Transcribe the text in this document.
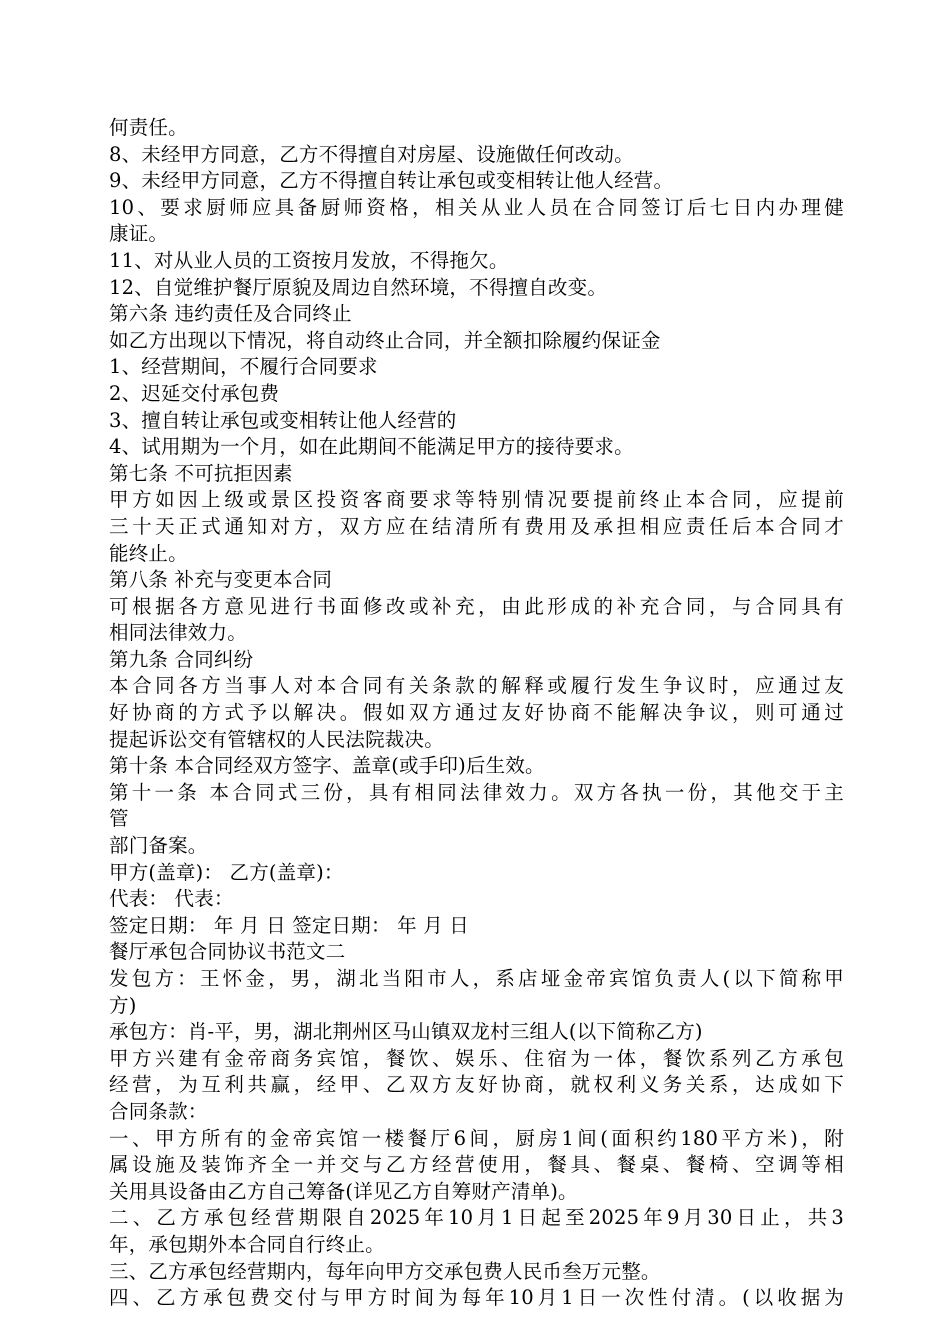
何责任。
8、未经甲方同意，乙方不得擅自对房屋、设施做任何改动。
9、未经甲方同意，乙方不得擅自转让承包或变相转让他人经营。
10、要求厨师应具备厨师资格，相关从业人员在合同签订后七日内办理健
康证。
11、对从业人员的工资按月发放，不得拖欠。
12、自觉维护餐厅原貌及周边自然环境，不得擅自改变。
第六条 违约责任及合同终止
如乙方出现以下情况，将自动终止合同，并全额扣除履约保证金
1、经营期间，不履行合同要求
2、迟延交付承包费
3、擅自转让承包或变相转让他人经营的
4、试用期为一个月，如在此期间不能满足甲方的接待要求。
第七条 不可抗拒因素
甲方如因上级或景区投资客商要求等特别情况要提前终止本合同，应提前
三十天正式通知对方，双方应在结清所有费用及承担相应责任后本合同才
能终止。
第八条 补充与变更本合同
可根据各方意见进行书面修改或补充，由此形成的补充合同，与合同具有
相同法律效力。
第九条 合同纠纷
本合同各方当事人对本合同有关条款的解释或履行发生争议时，应通过友
好协商的方式予以解决。假如双方通过友好协商不能解决争议，则可通过
提起诉讼交有管辖权的人民法院裁决。
第十条 本合同经双方签字、盖章(或手印)后生效。
第十一条 本合同式三份，具有相同法律效力。双方各执一份，其他交于主
管
部门备案。
甲方(盖章)： 乙方(盖章)：
代表： 代表：
签定日期： 年 月 日 签定日期： 年 月 日
餐厅承包合同协议书范文二
发包方：王怀金，男，湖北当阳市人，系店垭金帝宾馆负责人(以下简称甲
方)
承包方：肖-平，男，湖北荆州区马山镇双龙村三组人(以下简称乙方)
甲方兴建有金帝商务宾馆，餐饮、娱乐、住宿为一体，餐饮系列乙方承包
经营，为互利共赢，经甲、乙双方友好协商，就权利义务关系，达成如下
合同条款：
一、甲方所有的金帝宾馆一楼餐厅6间，厨房1间(面积约180平方米)，附
属设施及装饰齐全一并交与乙方经营使用，餐具、餐桌、餐椅、空调等相
关用具设备由乙方自己筹备(详见乙方自筹财产清单)。
二、乙方承包经营期限自2025年10月1日起至2025年9月30日止，共3
年，承包期外本合同自行终止。
三、乙方承包经营期内，每年向甲方交承包费人民币叁万元整。
四、乙方承包费交付与甲方时间为每年10月1日一次性付清。(以收据为
